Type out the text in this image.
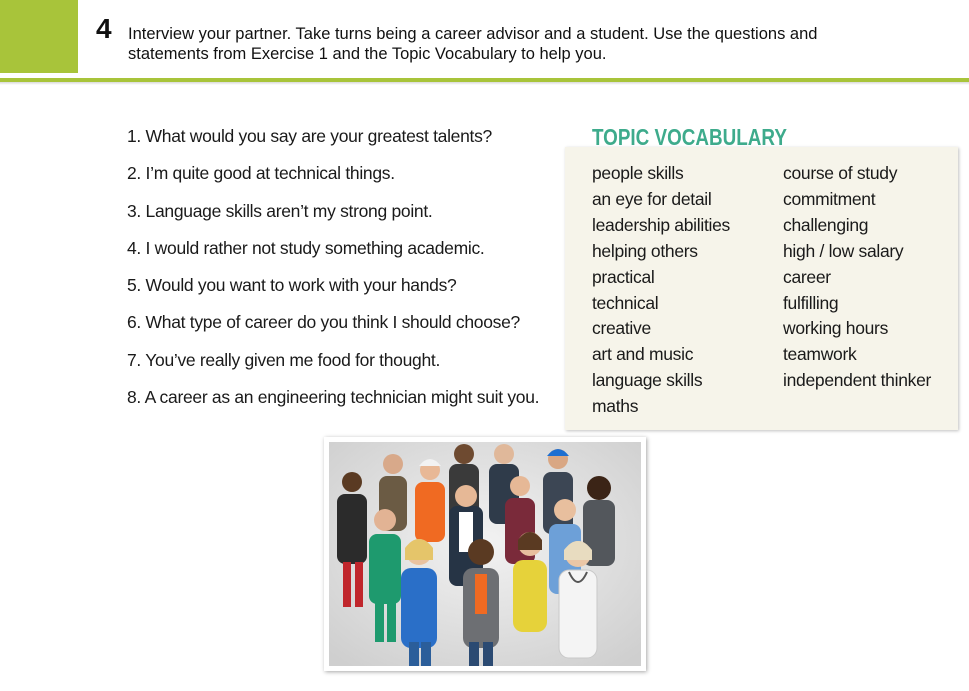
4 Interview your partner. Take turns being a career advisor and a student. Use the questions and
statements from Exercise 1 and the Topic Vocabulary to help you.

1. What would you say are your greatest talents?
2. I’m quite good at technical things.
3. Language skills aren’t my strong point.
4. I would rather not study something academic.
5. Would you want to work with your hands?
6. What type of career do you think I should choose?
7. You’ve really given me food for thought.
8. A career as an engineering technician might suit you.
TOPIC VOCABULARY
people skills
an eye for detail
leadership abilities
helping others
practical
technical
creative
art and music
language skills
maths
course of study
commitment
challenging
high / low salary
career
fulfilling
working hours
teamwork
independent thinker
